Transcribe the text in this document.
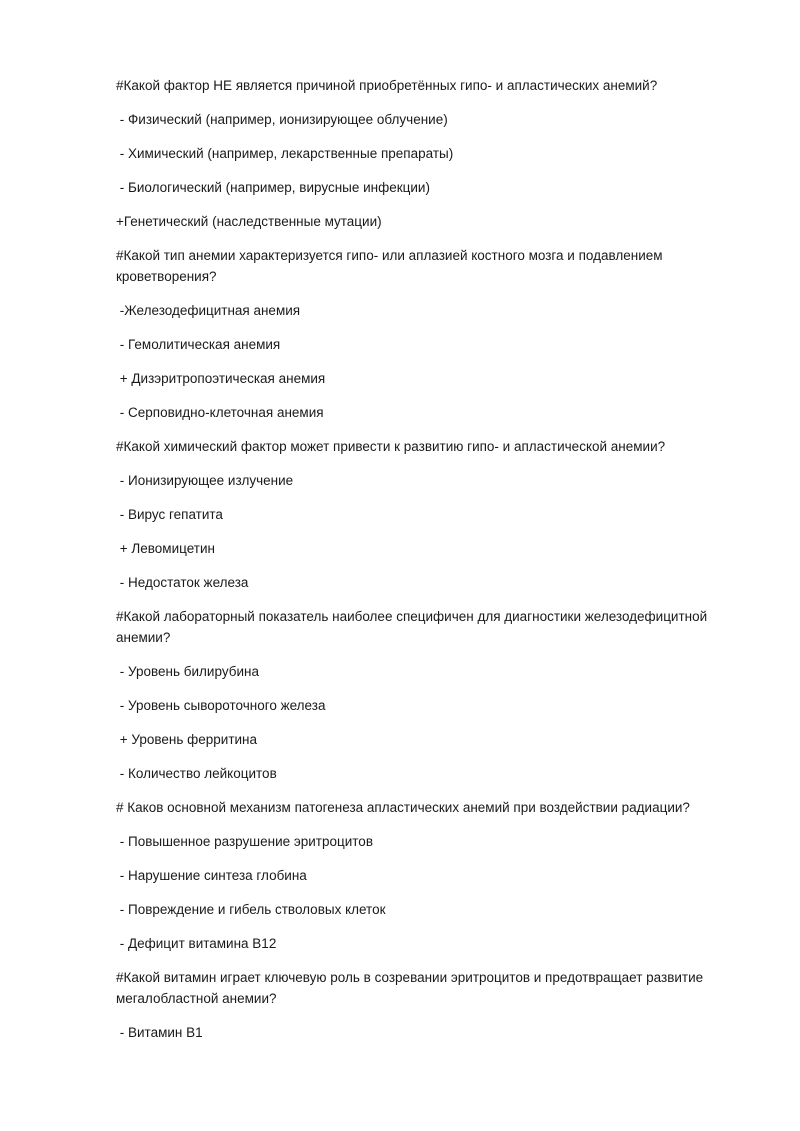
#Какой фактор НЕ является причиной приобретённых гипо- и апластических анемий?

- Физический (например, ионизирующее облучение)

- Химический (например, лекарственные препараты)

- Биологический (например, вирусные инфекции)

+Генетический (наследственные мутации)

#Какой тип анемии характеризуется гипо- или аплазией костного мозга и подавлением кроветворения?

-Железодефицитная анемия

- Гемолитическая анемия

+ Дизэритропоэтическая анемия

- Серповидно-клеточная анемия

#Какой химический фактор может привести к развитию гипо- и апластической анемии?

- Ионизирующее излучение

- Вирус гепатита

+ Левомицетин

- Недостаток железа

#Какой лабораторный показатель наиболее специфичен для диагностики железодефицитной анемии?

- Уровень билирубина

- Уровень сывороточного железа

+ Уровень ферритина

- Количество лейкоцитов

# Каков основной механизм патогенеза апластических анемий при воздействии радиации?

- Повышенное разрушение эритроцитов

- Нарушение синтеза глобина

- Повреждение и гибель стволовых клеток

- Дефицит витамина B12

#Какой витамин играет ключевую роль в созревании эритроцитов и предотвращает развитие мегалобластной анемии?

- Витамин B1
